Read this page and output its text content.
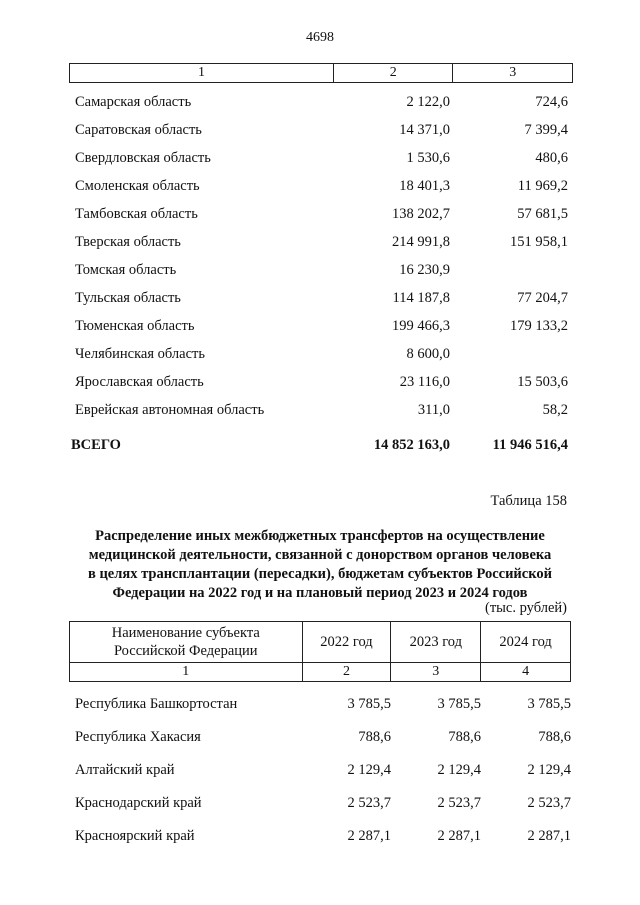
4698
1	2	3
Самарская область	2 122,0	724,6
Саратовская область	14 371,0	7 399,4
Свердловская область	1 530,6	480,6
Смоленская область	18 401,3	11 969,2
Тамбовская область	138 202,7	57 681,5
Тверская область	214 991,8	151 958,1
Томская область	16 230,9
Тульская область	114 187,8	77 204,7
Тюменская область	199 466,3	179 133,2
Челябинская область	8 600,0
Ярославская область	23 116,0	15 503,6
Еврейская автономная область	311,0	58,2
ВСЕГО	14 852 163,0	11 946 516,4
Таблица 158
Распределение иных межбюджетных трансфертов на осуществление
медицинской деятельности, связанной с донорством органов человека
в целях трансплантации (пересадки), бюджетам субъектов Российской
Федерации на 2022 год и на плановый период 2023 и 2024 годов
(тыс. рублей)
Наименование субъекта
Российской Федерации
2022 год	2023 год	2024 год
1	2	3	4
Республика Башкортостан	3 785,5	3 785,5	3 785,5
Республика Хакасия	788,6	788,6	788,6
Алтайский край	2 129,4	2 129,4	2 129,4
Краснодарский край	2 523,7	2 523,7	2 523,7
Красноярский край	2 287,1	2 287,1	2 287,1
